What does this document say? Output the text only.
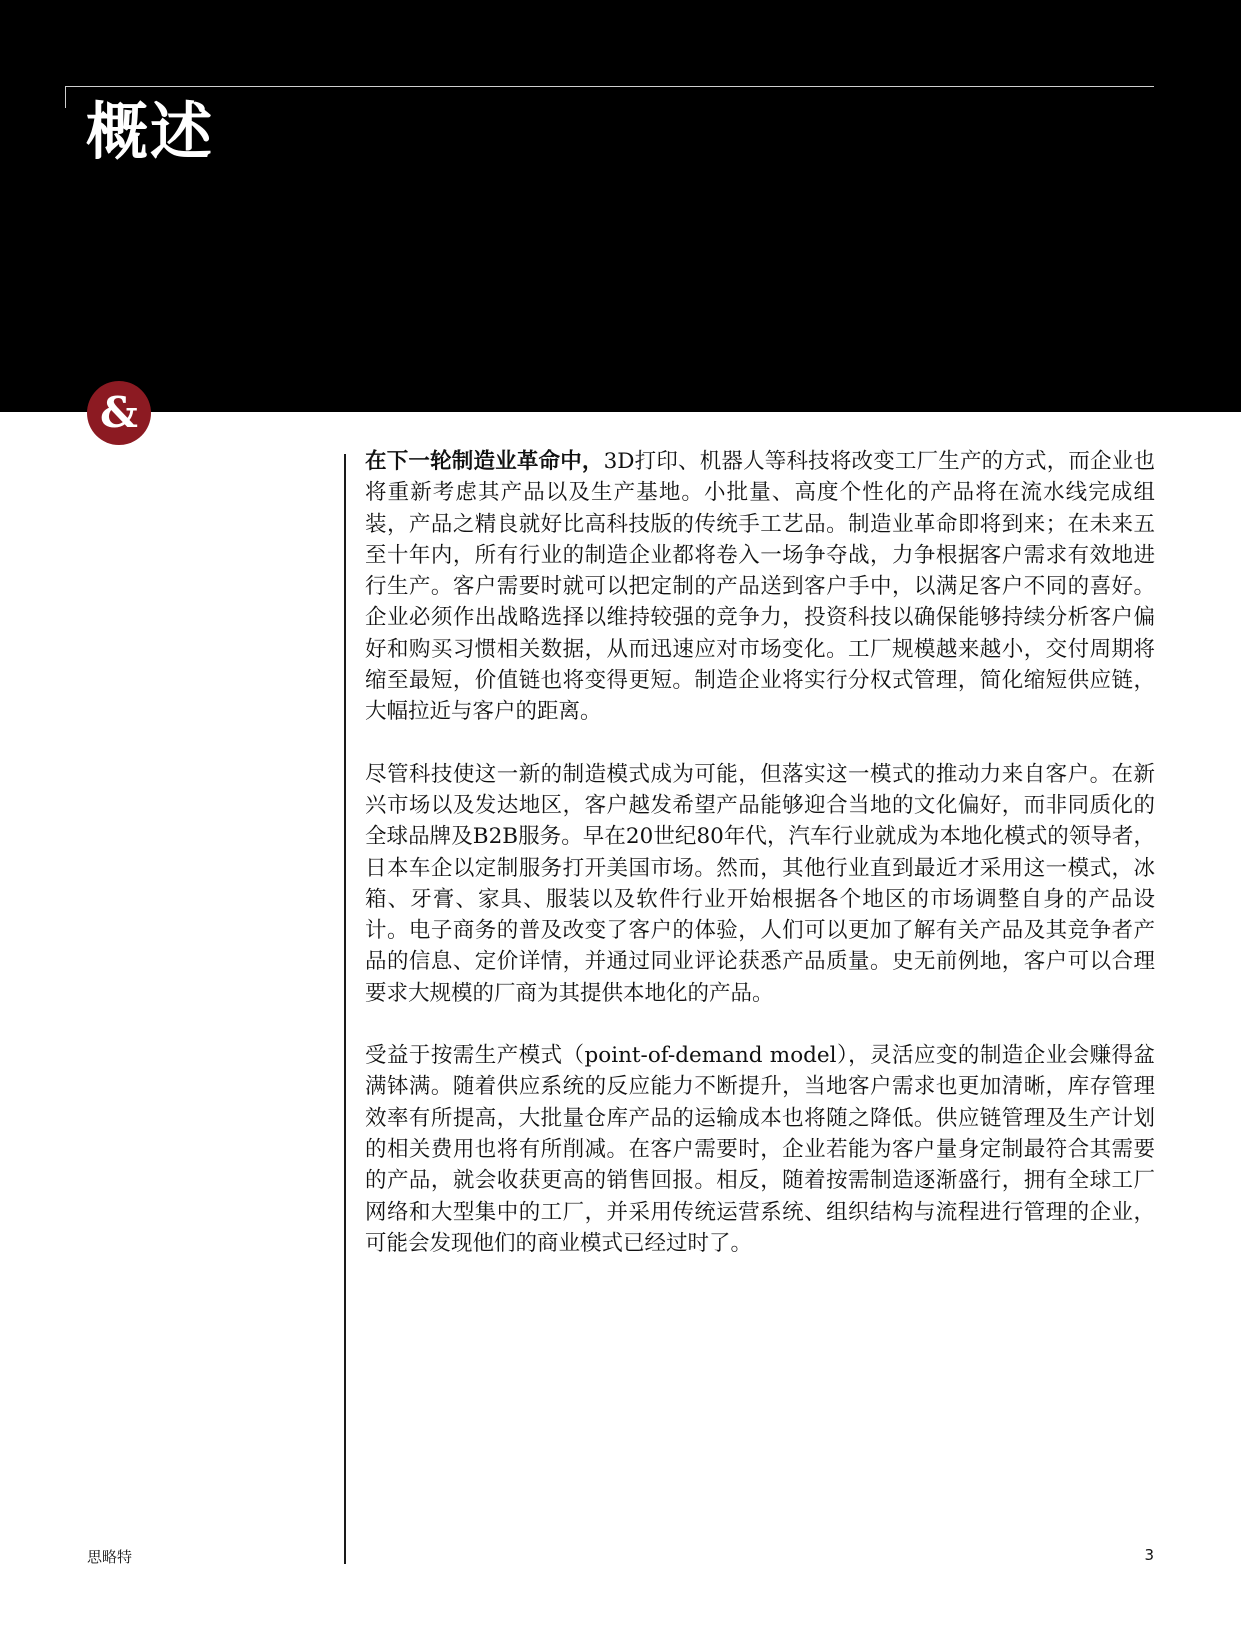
概述
&

在下一轮制造业革命中，3D打印、机器人等科技将改变工厂生产的方式，而企业也将重新考虑其产品以及生产基地。小批量、高度个性化的产品将在流水线完成组装，产品之精良就好比高科技版的传统手工艺品。制造业革命即将到来；在未来五至十年内，所有行业的制造企业都将卷入一场争夺战，力争根据客户需求有效地进行生产。客户需要时就可以把定制的产品送到客户手中，以满足客户不同的喜好。企业必须作出战略选择以维持较强的竞争力，投资科技以确保能够持续分析客户偏好和购买习惯相关数据，从而迅速应对市场变化。工厂规模越来越小，交付周期将缩至最短，价值链也将变得更短。制造企业将实行分权式管理，简化缩短供应链，大幅拉近与客户的距离。

尽管科技使这一新的制造模式成为可能，但落实这一模式的推动力来自客户。在新兴市场以及发达地区，客户越发希望产品能够迎合当地的文化偏好，而非同质化的全球品牌及B2B服务。早在20世纪80年代，汽车行业就成为本地化模式的领导者，日本车企以定制服务打开美国市场。然而，其他行业直到最近才采用这一模式，冰箱、牙膏、家具、服装以及软件行业开始根据各个地区的市场调整自身的产品设计。电子商务的普及改变了客户的体验，人们可以更加了解有关产品及其竞争者产品的信息、定价详情，并通过同业评论获悉产品质量。史无前例地，客户可以合理要求大规模的厂商为其提供本地化的产品。

受益于按需生产模式（point-of-demand model），灵活应变的制造企业会赚得盆满钵满。随着供应系统的反应能力不断提升，当地客户需求也更加清晰，库存管理效率有所提高，大批量仓库产品的运输成本也将随之降低。供应链管理及生产计划的相关费用也将有所削减。在客户需要时，企业若能为客户量身定制最符合其需要的产品，就会收获更高的销售回报。相反，随着按需制造逐渐盛行，拥有全球工厂网络和大型集中的工厂，并采用传统运营系统、组织结构与流程进行管理的企业，可能会发现他们的商业模式已经过时了。

思略特	3
